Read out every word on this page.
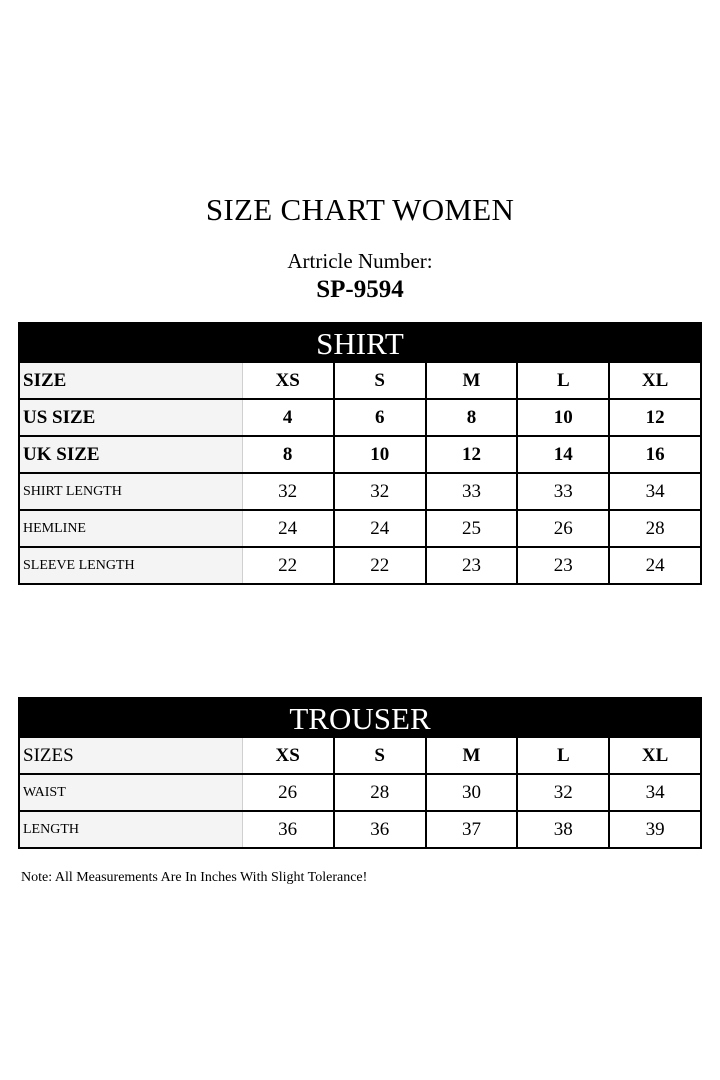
SIZE CHART WOMEN
Artricle Number:
SP-9594
SHIRT
SIZE	XS	S	M	L	XL
US SIZE	4	6	8	10	12
UK SIZE	8	10	12	14	16
SHIRT LENGTH	32	32	33	33	34
HEMLINE	24	24	25	26	28
SLEEVE LENGTH	22	22	23	23	24
TROUSER
SIZES	XS	S	M	L	XL
WAIST	26	28	30	32	34
LENGTH	36	36	37	38	39
Note: All Measurements Are In Inches With Slight Tolerance!
